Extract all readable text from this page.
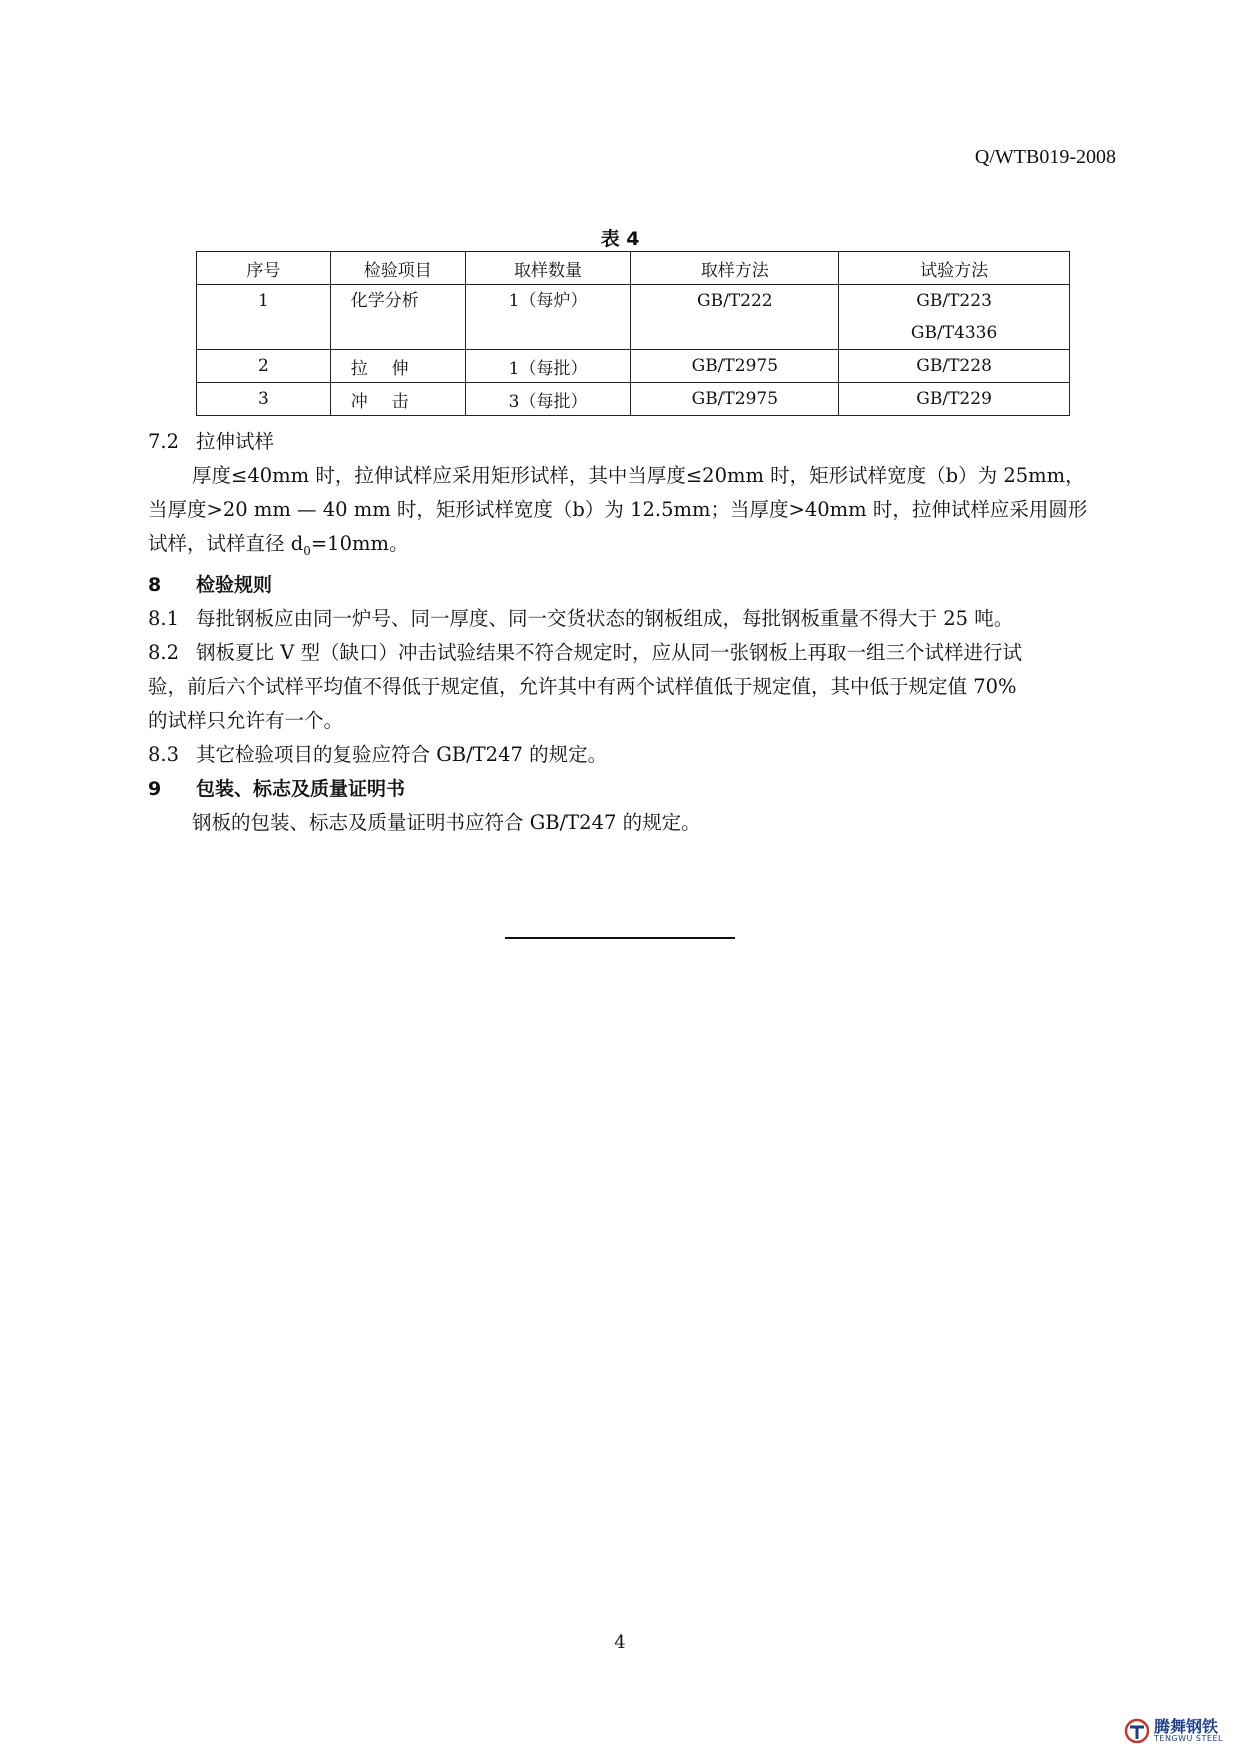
Q/WTB019-2008
表 4
序号	检验项目	取样数量	取样方法	试验方法
1	化学分析	1（每炉）	GB/T222	GB/T223
GB/T4336

2	拉伸	1（每批）	GB/T2975	GB/T228
3	冲击	3（每批）	GB/T2975	GB/T229
7.2 拉伸试样
厚度≤40mm 时，拉伸试样应采用矩形试样，其中当厚度≤20mm 时，矩形试样宽度（b）为 25mm，
当厚度>20 mm — 40 mm 时，矩形试样宽度（b）为 12.5mm；当厚度>40mm 时，拉伸试样应采用圆形
试样，试样直径 $d_0=10mm$。
8 检验规则
8.1 每批钢板应由同一炉号、同一厚度、同一交货状态的钢板组成，每批钢板重量不得大于 25 吨。
8.2 钢板夏比 V 型（缺口）冲击试验结果不符合规定时，应从同一张钢板上再取一组三个试样进行试
验，前后六个试样平均值不得低于规定值，允许其中有两个试样值低于规定值，其中低于规定值 70%
的试样只允许有一个。
8.3 其它检验项目的复验应符合 GB/T247 的规定。
9 包装、标志及质量证明书
钢板的包装、标志及质量证明书应符合 GB/T247 的规定。
4
腾舞钢铁
TENGWU STEEL
